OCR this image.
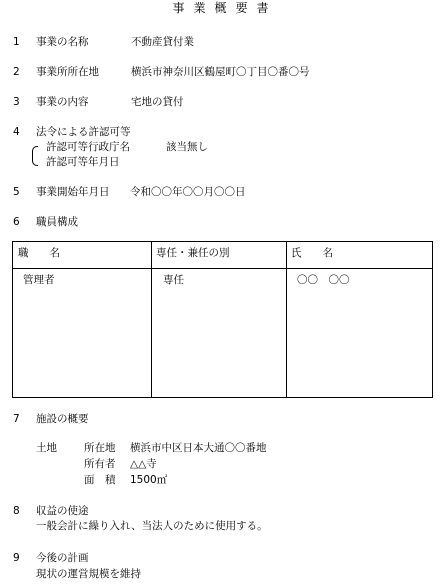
事業概要書
1 事業の名称	不動産貸付業
2 事業所所在地	横浜市神奈川区鶴屋町〇丁目〇番〇号
3 事業の内容	宅地の貸付
4 法令による許認可等
許認可等行政庁名	該当無し
許認可等年月日
5 事業開始年月日 令和〇〇年〇〇月〇〇日
6 職員構成
職　　名	専任・兼任の別	氏　　名

管理者	専任	〇〇　〇〇
7 施設の概要
土地	所在地 横浜市中区日本大通〇〇番地
所有者 △△寺
面　積 1500㎡
8 収益の使途
一般会計に繰り入れ、当法人のために使用する。
9 今後の計画
現状の運営規模を維持
